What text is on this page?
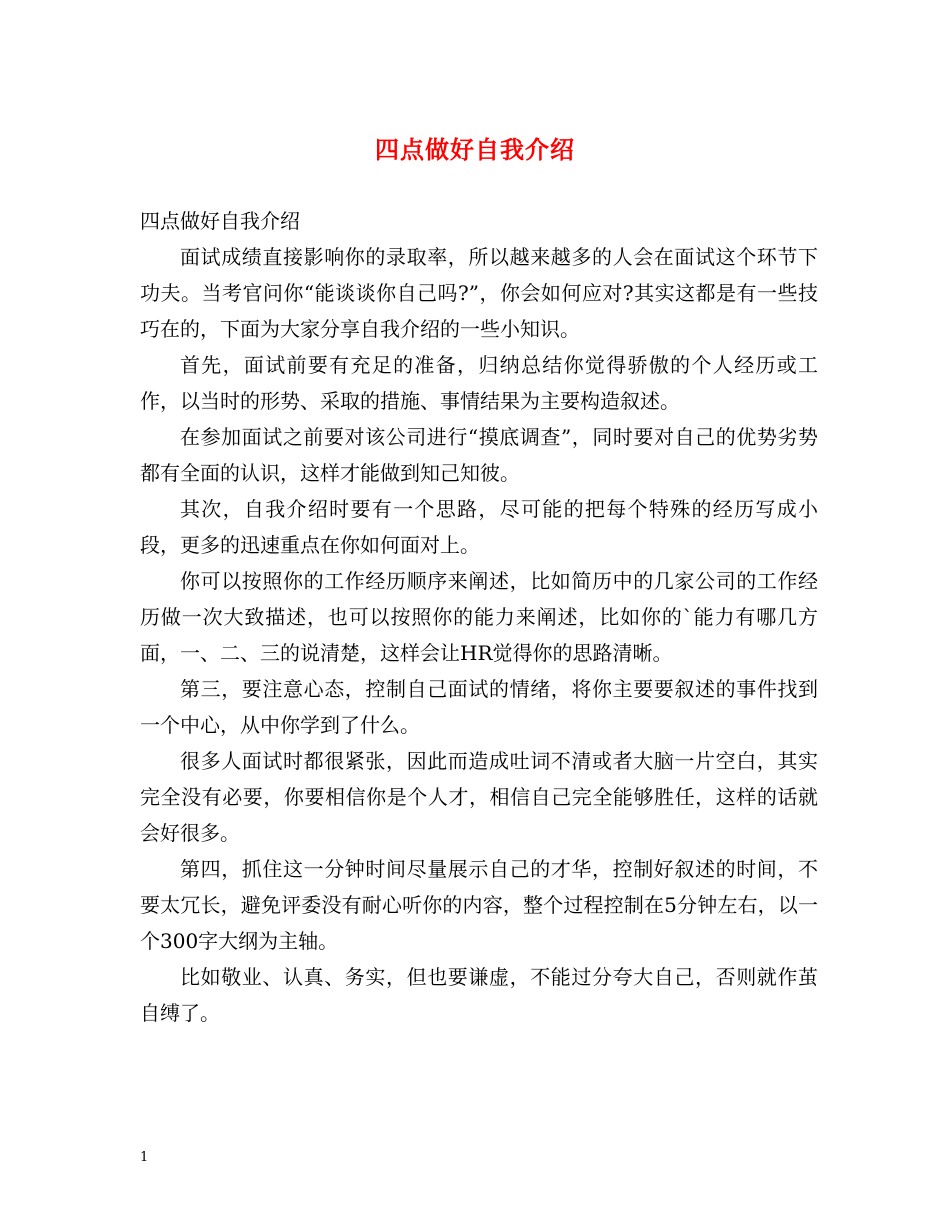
四点做好自我介绍

四点做好自我介绍

面试成绩直接影响你的录取率，所以越来越多的人会在面试这个环节下功夫。当考官问你“能谈谈你自己吗?”，你会如何应对?其实这都是有一些技巧在的，下面为大家分享自我介绍的一些小知识。

首先，面试前要有充足的准备，归纳总结你觉得骄傲的个人经历或工作，以当时的形势、采取的措施、事情结果为主要构造叙述。

在参加面试之前要对该公司进行“摸底调查”，同时要对自己的优势劣势都有全面的认识，这样才能做到知己知彼。

其次，自我介绍时要有一个思路，尽可能的把每个特殊的经历写成小段，更多的迅速重点在你如何面对上。

你可以按照你的工作经历顺序来阐述，比如简历中的几家公司的工作经历做一次大致描述，也可以按照你的能力来阐述，比如你的`能力有哪几方面，一、二、三的说清楚，这样会让HR觉得你的思路清晰。

第三，要注意心态，控制自己面试的情绪，将你主要要叙述的事件找到一个中心，从中你学到了什么。

很多人面试时都很紧张，因此而造成吐词不清或者大脑一片空白，其实完全没有必要，你要相信你是个人才，相信自己完全能够胜任，这样的话就会好很多。

第四，抓住这一分钟时间尽量展示自己的才华，控制好叙述的时间，不要太冗长，避免评委没有耐心听你的内容，整个过程控制在5分钟左右，以一个300字大纲为主轴。

比如敬业、认真、务实，但也要谦虚，不能过分夸大自己，否则就作茧自缚了。

1
